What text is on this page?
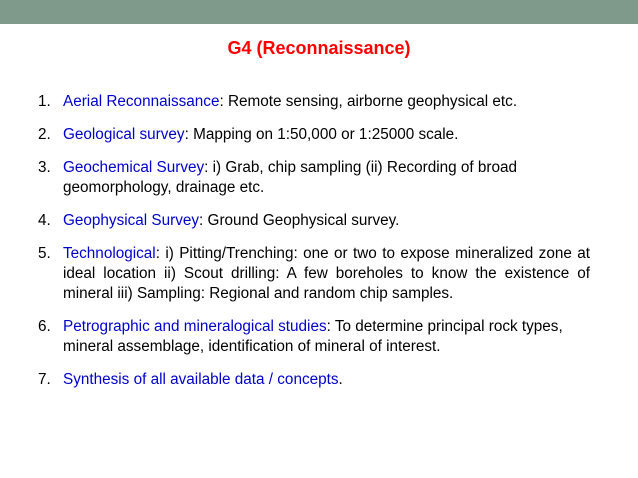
G4 (Reconnaissance)
1. Aerial Reconnaissance: Remote sensing, airborne geophysical etc.
2. Geological survey: Mapping on 1:50,000 or 1:25000 scale.
3. Geochemical Survey: i) Grab, chip sampling (ii) Recording of broad geomorphology, drainage etc.
4. Geophysical Survey: Ground Geophysical survey.
5. Technological: i) Pitting/Trenching: one or two to expose mineralized zone at ideal location ii) Scout drilling: A few boreholes to know the existence of mineral iii) Sampling: Regional and random chip samples.
6. Petrographic and mineralogical studies: To determine principal rock types, mineral assemblage, identification of mineral of interest.
7. Synthesis of all available data / concepts.
